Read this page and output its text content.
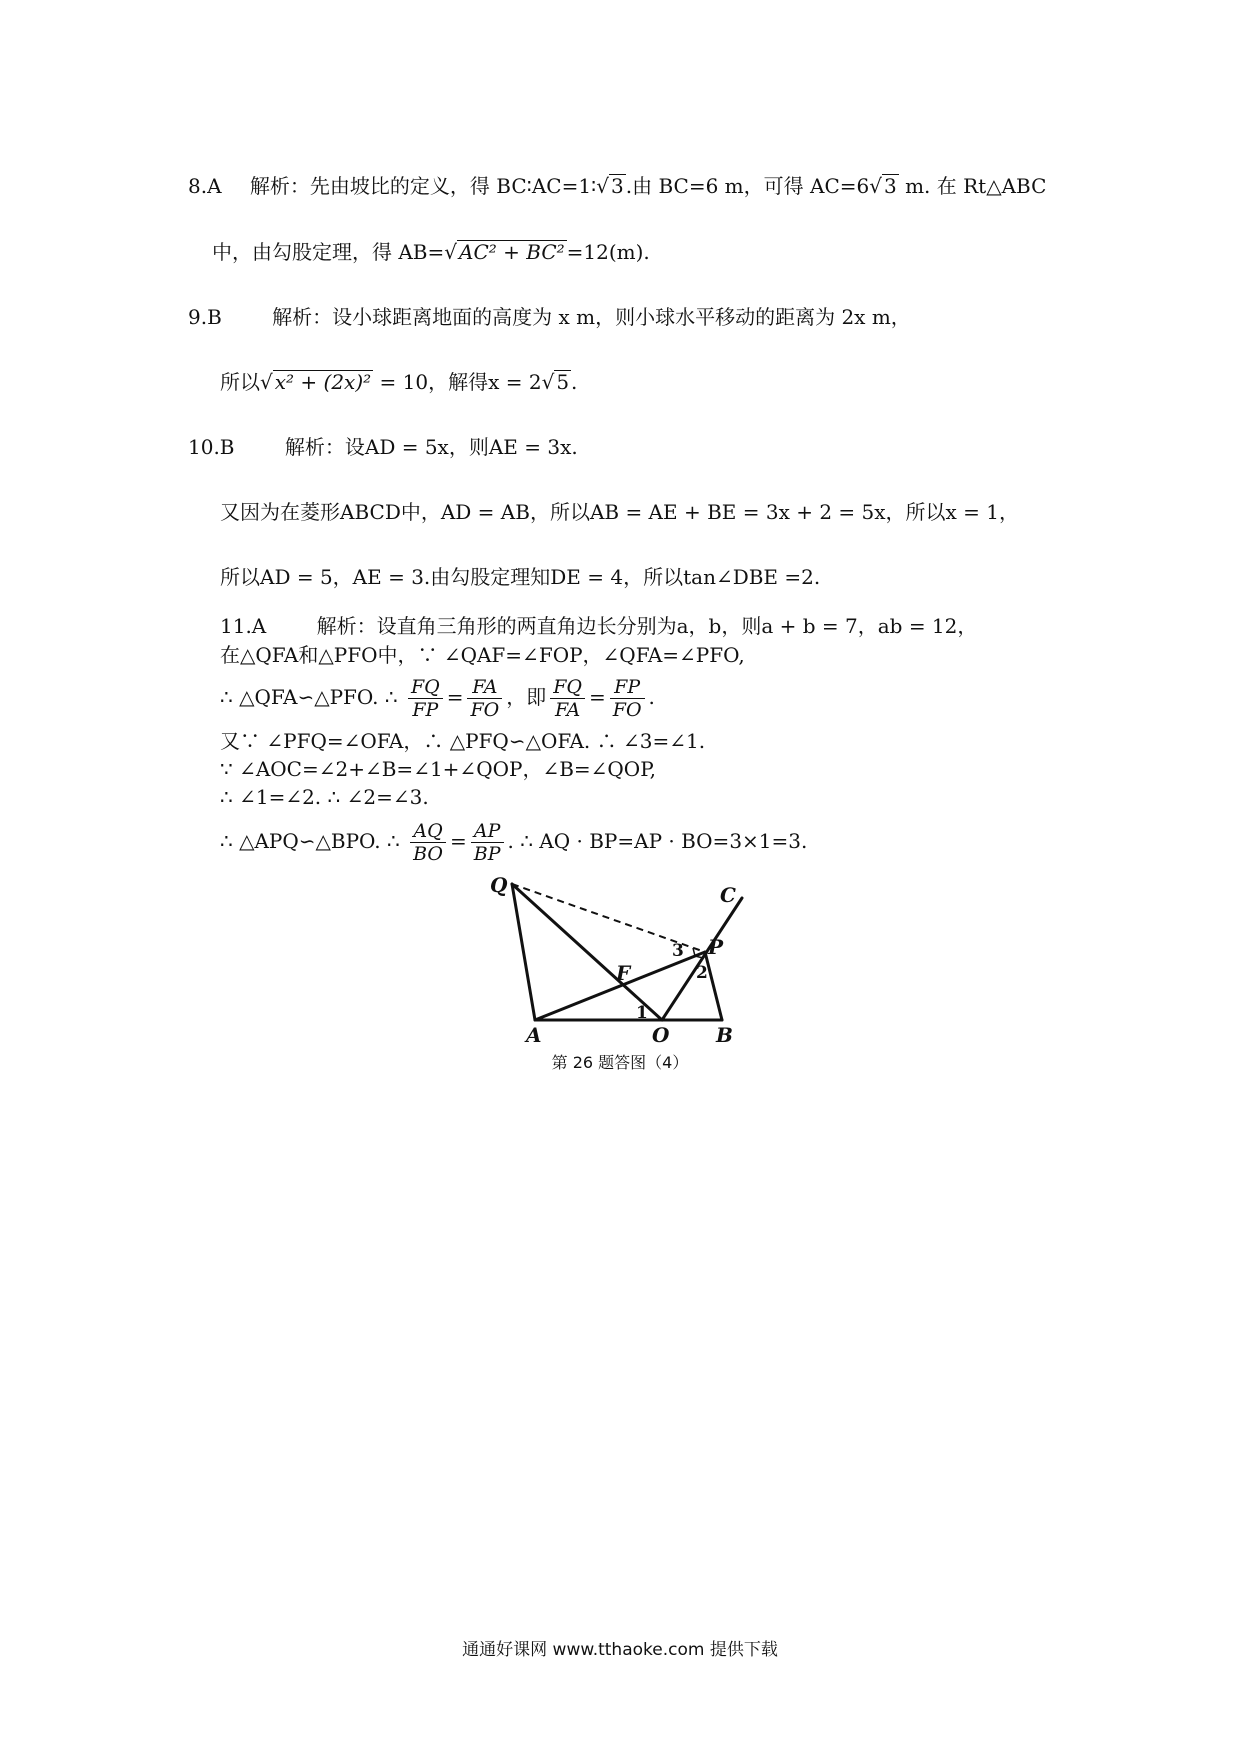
8.A 解析：先由坡比的定义，得 BC∶AC=1∶ √ 3 .由 BC=6 m，可得 AC=6 √ 3 m. 在 Rt△ABC
中，由勾股定理，得 AB= √ AC² + BC² =12(m).
9.B	解析：设小球距离地面的高度为 x m，则小球水平移动的距离为 2x m，
所以 √ x² + (2x)² = 10，解得x = 2 √ 5 .
10.B	解析：设AD = 5x，则AE = 3x.
又因为在菱形ABCD中，AD = AB，所以AB = AE + BE = 3x + 2 = 5x，所以x = 1，
所以AD = 5，AE = 3.由勾股定理知DE = 4，所以tan∠DBE =2.
11.A	解析：设直角三角形的两直角边长分别为a，b，则a + b = 7，ab = 12，
在△QFA和△PFO中，∵ ∠QAF=∠FOP，∠QFA=∠PFO,
∴ △QFA∽△PFO. ∴ $\frac{FQ}{FP} = \frac{FA}{FO}$ ，即 $\frac{FQ}{FA} = \frac{FP}{FO}$ .
又∵ ∠PFQ=∠OFA，∴ △PFQ∽△OFA. ∴ ∠3=∠1.
∵ ∠AOC=∠2+∠B=∠1+∠QOP，∠B=∠QOP,
∴ ∠1=∠2. ∴ ∠2=∠3.
∴ △APQ∽△BPO. ∴ $\frac{AQ}{BO} = \frac{AP}{BP}$ . ∴ AQ · BP=AP · BO=3×1=3.
Q	C
P
F
A	O B
1
2
3
第 26 题答图（4）
通通好课网 www.tthaoke.com 提供下载
